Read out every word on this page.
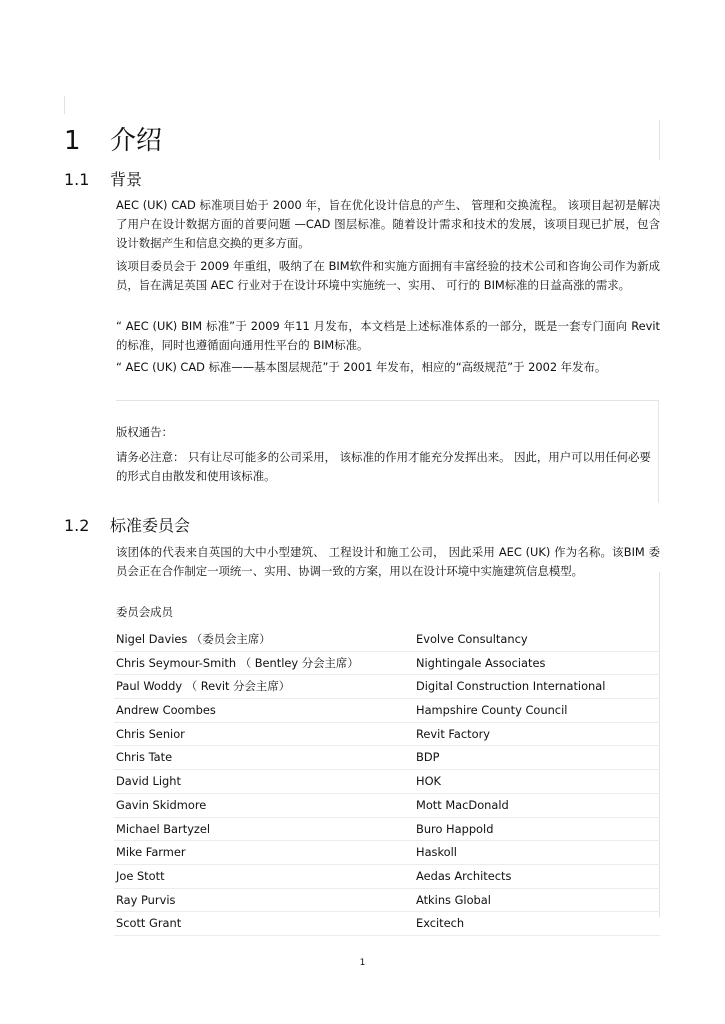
1 介绍
1.1 背景

AEC (UK) CAD 标准项目始于 2000 年，旨在优化设计信息的产生、 管理和交换流程。 该项目起初是解决了用户在设计数据方面的首要问题 —CAD 图层标准。随着设计需求和技术的发展，该项目现已扩展，包含设计数据产生和信息交换的更多方面。

该项目委员会于 2009 年重组，吸纳了在 BIM软件和实施方面拥有丰富经验的技术公司和咨询公司作为新成员，旨在满足英国 AEC 行业对于在设计环境中实施统一、实用、 可行的 BIM标准的日益高涨的需求。

“ AEC (UK) BIM 标准”于 2009 年11 月发布，本文档是上述标准体系的一部分，既是一套专门面向 Revit 的标准，同时也遵循面向通用性平台的 BIM标准。

“ AEC (UK) CAD 标准——基本图层规范”于 2001 年发布，相应的“高级规范”于 2002 年发布。

版权通告：
请务必注意： 只有让尽可能多的公司采用， 该标准的作用才能充分发挥出来。 因此，用户可以用任何必要的形式自由散发和使用该标准。
1.2 标准委员会

该团体的代表来自英国的大中小型建筑、 工程设计和施工公司， 因此采用 AEC (UK) 作为名称。该BIM 委员会正在合作制定一项统一、实用、协调一致的方案，用以在设计环境中实施建筑信息模型。

委员会成员
Nigel Davies （委员会主席）	Evolve Consultancy
Chris Seymour-Smith （ Bentley 分会主席）	Nightingale Associates
Paul Woddy （ Revit 分会主席）	Digital Construction International
Andrew Coombes	Hampshire County Council
Chris Senior	Revit Factory
Chris Tate	BDP
David Light	HOK
Gavin Skidmore	Mott MacDonald
Michael Bartyzel	Buro Happold
Mike Farmer	Haskoll
Joe Stott	Aedas Architects
Ray Purvis	Atkins Global
Scott Grant	Excitech
1
